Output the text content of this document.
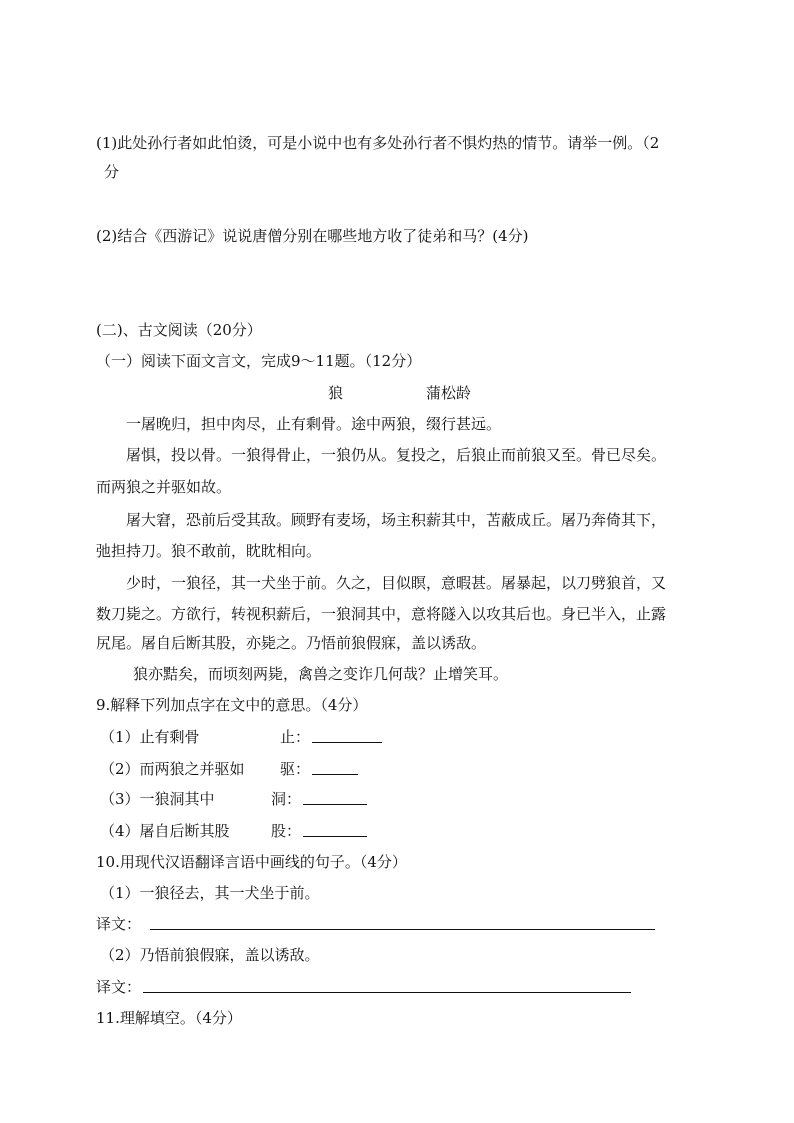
(1)此处孙行者如此怕烫，可是小说中也有多处孙行者不惧灼热的情节。请举一例。（2
分
(2)结合《西游记》说说唐僧分别在哪些地方收了徒弟和马？(4分)
(二)、古文阅读（20分）
（一）阅读下面文言文，完成9～11题。（12分）
狼	蒲松龄
一屠晚归，担中肉尽，止有剩骨。途中两狼，缀行甚远。
屠惧，投以骨。一狼得骨止，一狼仍从。复投之，后狼止而前狼又至。骨已尽矣。
而两狼之并驱如故。
屠大窘，恐前后受其敌。顾野有麦场，场主积薪其中，苫蔽成丘。屠乃奔倚其下，
弛担持刀。狼不敢前，眈眈相向。
少时，一狼径，其一犬坐于前。久之，目似瞑，意暇甚。屠暴起，以刀劈狼首，又
数刀毙之。方欲行，转视积薪后，一狼洞其中，意将隧入以攻其后也。身已半入，止露
尻尾。屠自后断其股，亦毙之。乃悟前狼假寐，盖以诱敌。
狼亦黠矣，而顷刻两毙，禽兽之变诈几何哉？止增笑耳。
9.解释下列加点字在文中的意思。（4分）
（1）止有剩骨	止：
（2）而两狼之并驱如 驱：
（3）一狼洞其中	洞：
（4）屠自后断其股	股：
10.用现代汉语翻译言语中画线的句子。（4分）
（1）一狼径去，其一犬坐于前。
译文：
（2）乃悟前狼假寐，盖以诱敌。
译文：
11.理解填空。（4分）
